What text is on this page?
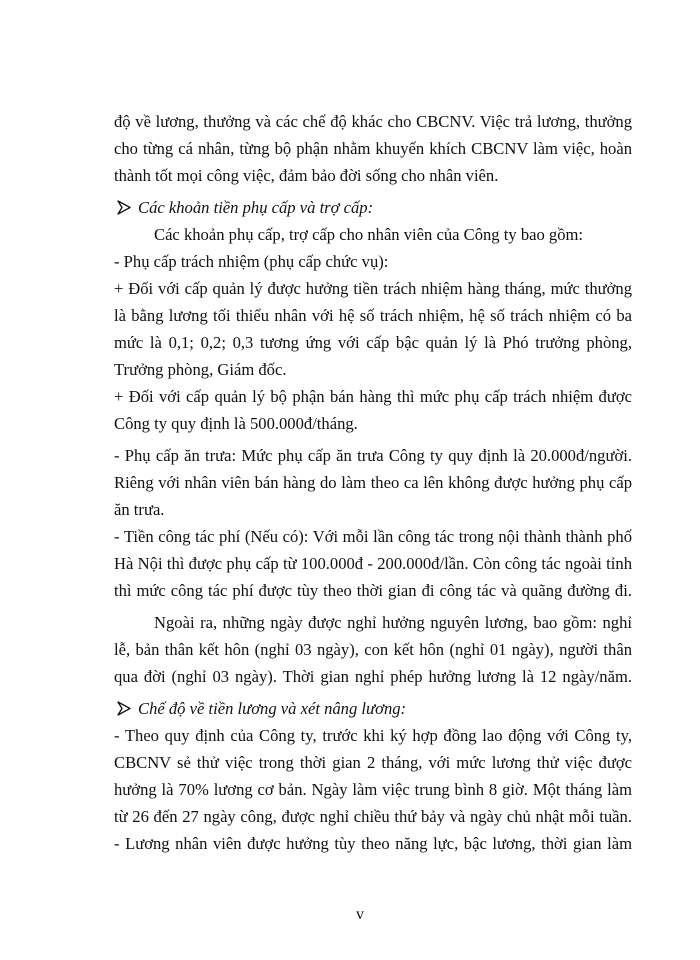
độ về lương, thưởng và các chế độ khác cho CBCNV. Việc trả lương, thưởng

cho từng cá nhân, từng bộ phận nhằm khuyến khích CBCNV làm việc, hoàn

thành tốt mọi công việc, đảm bảo đời sống cho nhân viên.

Các khoản tiền phụ cấp và trợ cấp:

Các khoản phụ cấp, trợ cấp cho nhân viên của Công ty bao gồm:

- Phụ cấp trách nhiệm (phụ cấp chức vụ):

+ Đối với cấp quản lý được hưởng tiền trách nhiệm hàng tháng, mức thưởng

là bằng lương tối thiểu nhân với hệ số trách nhiệm, hệ số trách nhiệm có ba

mức là 0,1; 0,2; 0,3 tương ứng với cấp bậc quản lý là Phó trưởng phòng,

Trưởng phòng, Giám đốc.

+ Đối với cấp quản lý bộ phận bán hàng thì mức phụ cấp trách nhiệm được

Công ty quy định là 500.000đ/tháng.

- Phụ cấp ăn trưa: Mức phụ cấp ăn trưa Công ty quy định là 20.000đ/người.

Riêng với nhân viên bán hàng do làm theo ca lên không được hưởng phụ cấp

ăn trưa.

- Tiền công tác phí (Nếu có): Với mỗi lần công tác trong nội thành thành phố

Hà Nội thì được phụ cấp từ 100.000đ - 200.000đ/lần. Còn công tác ngoài tỉnh

thì mức công tác phí được tùy theo thời gian đi công tác và quãng đường đi.

Ngoài ra, những ngày được nghỉ hưởng nguyên lương, bao gồm: nghỉ

lễ, bản thân kết hôn (nghỉ 03 ngày), con kết hôn (nghỉ 01 ngày), người thân

qua đời (nghỉ 03 ngày). Thời gian nghỉ phép hưởng lương là 12 ngày/năm.

Chế độ về tiền lương và xét nâng lương:

- Theo quy định của Công ty, trước khi ký hợp đồng lao động với Công ty,

CBCNV sẻ thử việc trong thời gian 2 tháng, với mức lương thử việc được

hưởng là 70% lương cơ bản. Ngày làm việc trung bình 8 giờ. Một tháng làm

từ 26 đến 27 ngày công, được nghỉ chiều thứ bảy và ngày chủ nhật mỗi tuần.

- Lương nhân viên được hưởng tùy theo năng lực, bậc lương, thời gian làm

v
